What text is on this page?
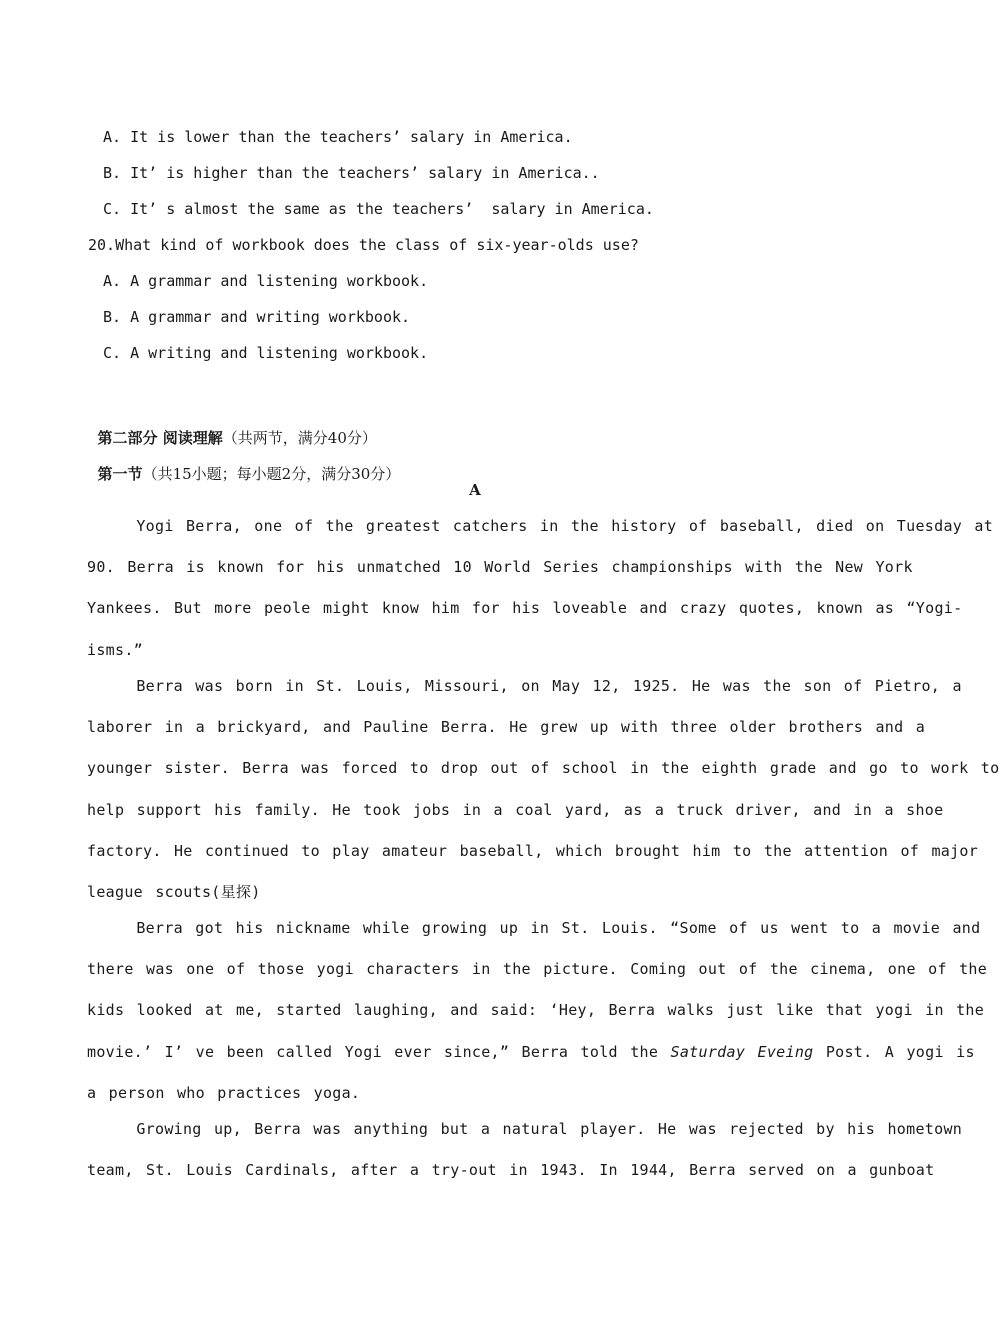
A. It is lower than the teachers’ salary in America.
B. It’ is higher than the teachers’ salary in America..
C. It’ s almost the same as the teachers’  salary in America.
20.What kind of workbook does the class of six-year-olds use?
A. A grammar and listening workbook.
B. A grammar and writing workbook.
C. A writing and listening workbook.

第二部分 阅读理解（共两节，满分40分）

第一节（共15小题；每小题2分，满分30分）

A
Yogi Berra, one of the greatest catchers in the history of baseball, died on Tuesday at
90. Berra is known for his unmatched 10 World Series championships with the New York
Yankees. But more peole might know him for his loveable and crazy quotes, known as “Yogi-
isms.”
Berra was born in St. Louis, Missouri, on May 12, 1925. He was the son of Pietro, a
laborer in a brickyard, and Pauline Berra. He grew up with three older brothers and a
younger sister. Berra was forced to drop out of school in the eighth grade and go to work to
help support his family. He took jobs in a coal yard, as a truck driver, and in a shoe
factory. He continued to play amateur baseball, which brought him to the attention of major
league scouts(星探)
Berra got his nickname while growing up in St. Louis. “Some of us went to a movie and
there was one of those yogi characters in the picture. Coming out of the cinema, one of the
kids looked at me, started laughing, and said: ‘Hey, Berra walks just like that yogi in the
movie.’ I’ ve been called Yogi ever since,” Berra told the Saturday Eveing Post. A yogi is
a person who practices yoga.
Growing up, Berra was anything but a natural player. He was rejected by his hometown
team, St. Louis Cardinals, after a try-out in 1943. In 1944, Berra served on a gunboat
